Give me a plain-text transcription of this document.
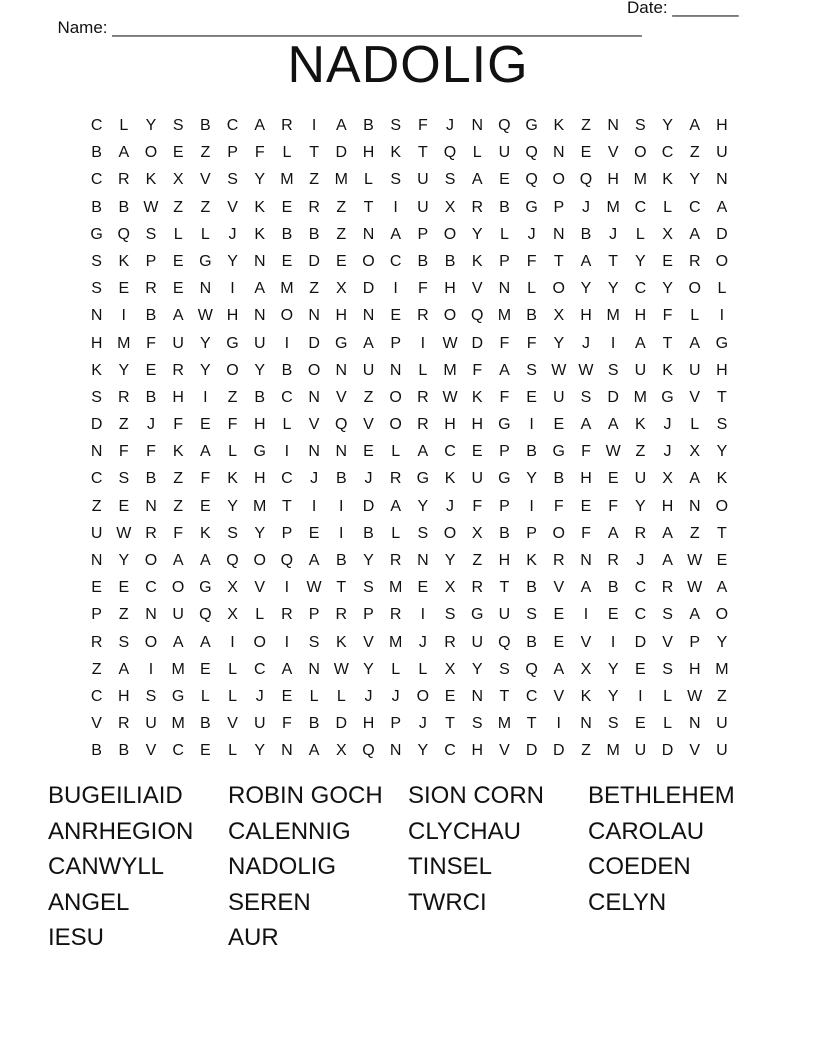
Name: ________________________________________________________

Date: _______

NADOLIG
C	L	Y	S	B	C	A	R	I	A	B	S	F	J	N Q G K	Z	N	S	Y	A	H
B	A O E	Z	P	F	L	T	D H	K	T	Q	L	U Q N	E	V O C	Z	U
C R	K	X	V	S	Y M Z M	L	S	U	S	A	E Q O Q H M K	Y	N
B	B W Z	Z	V	K	E	R	Z	T	I	U	X	R	B G P	J	M C	L	C	A
G Q S	L	L	J	K	B	B	Z	N	A	P O Y	L	J	N	B	J	L	X	A	D
S	K	P	E G Y	N	E	D	E O C	B	B	K	P	F	T	A	T	Y	E	R O
S	E	R	E	N	I	A M Z	X	D	I	F	H	V	N	L	O Y	Y	C	Y O	L
N	I	B	A W H N O N H N	E	R O Q M B	X	H M H	F	L	I
H M F	U	Y G U	I	D G A	P	I	W D	F	F	Y	J	I	A	T	A G
K	Y	E	R	Y O Y	B O N U N	L	M F	A	S W W S	U	K	U H
S	R	B	H	I	Z	B	C N	V	Z	O R W K	F	E	U	S	D M G V	T
D	Z	J	F	E	F	H	L	V Q V O R H H G	I	E	A	A	K	J	L	S
N	F	F	K	A	L	G	I	N N	E	L	A	C	E	P	B G	F W Z	J	X	Y
C	S	B	Z	F	K	H C	J	B	J	R G K	U G Y	B	H	E	U	X	A	K
Z	E	N	Z	E	Y M T	I	I	D	A	Y	J	F	P	I	F	E	F	Y	H N O
U W R	F	K	S	Y	P	E	I	B	L	S O X	B	P O	F	A	R	A	Z	T
N	Y O A	A Q O Q A	B	Y	R N	Y	Z	H	K	R N R	J	A W E
E	E	C O G X	V	I	W T	S M E	X	R	T	B	V	A	B	C R W A
P	Z	N U Q X	L	R	P	R	P	R	I	S G U	S	E	I	E	C	S	A O
R	S O A	A	I	O	I	S	K	V M	J	R U Q B	E	V	I	D	V	P	Y
Z	A	I	M E	L	C	A	N W Y	L	L	X	Y	S Q A	X	Y	E	S	H M
C H	S G	L	L	J	E	L	L	J	J	O E	N	T	C	V	K	Y	I	L W Z
V	R U M B	V	U	F	B	D H	P	J	T	S M T	I	N	S	E	L	N U
B	B	V	C	E	L	Y	N	A	X Q N	Y	C H	V	D D	Z M U D	V	U
BUGEILIAID	ROBIN GOCH	SION CORN	BETHLEHEM
ANRHEGION	CALENNIG	CLYCHAU	CAROLAU
CANWYLL	NADOLIG	TINSEL	COEDEN
ANGEL	SEREN	TWRCI	CELYN
IESU	AUR
